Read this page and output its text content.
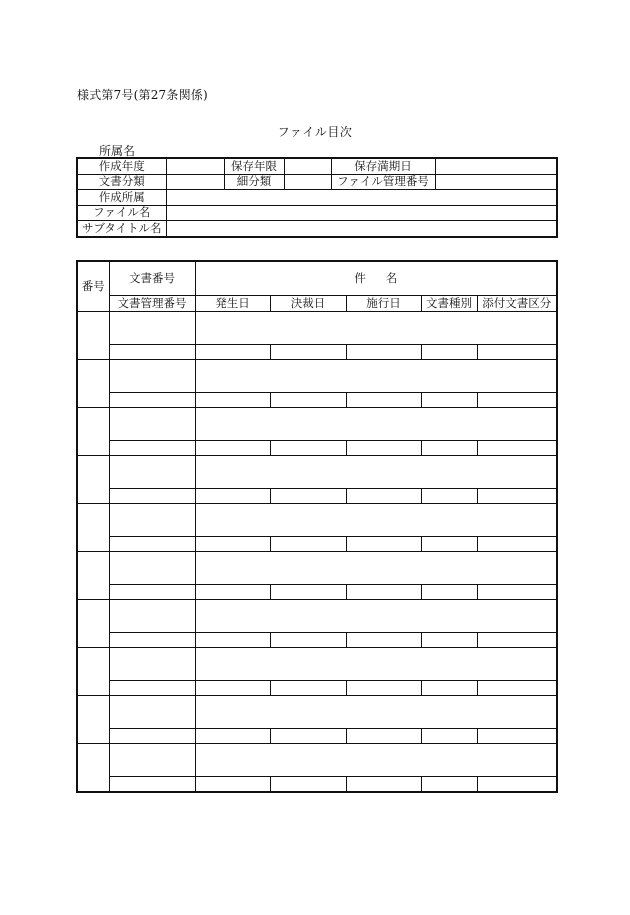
様式第7号(第27条関係)
ファイル目次
所属名
作成年度		保存年限		保存満期日	
文書分類		細分類		ファイル管理番号	
作成所属					
ファイル名					
サブタイトル名					
番号	文書番号	件 名				
	文書管理番号	発生日	決裁日	施行日	文書種別	添付文書区分
